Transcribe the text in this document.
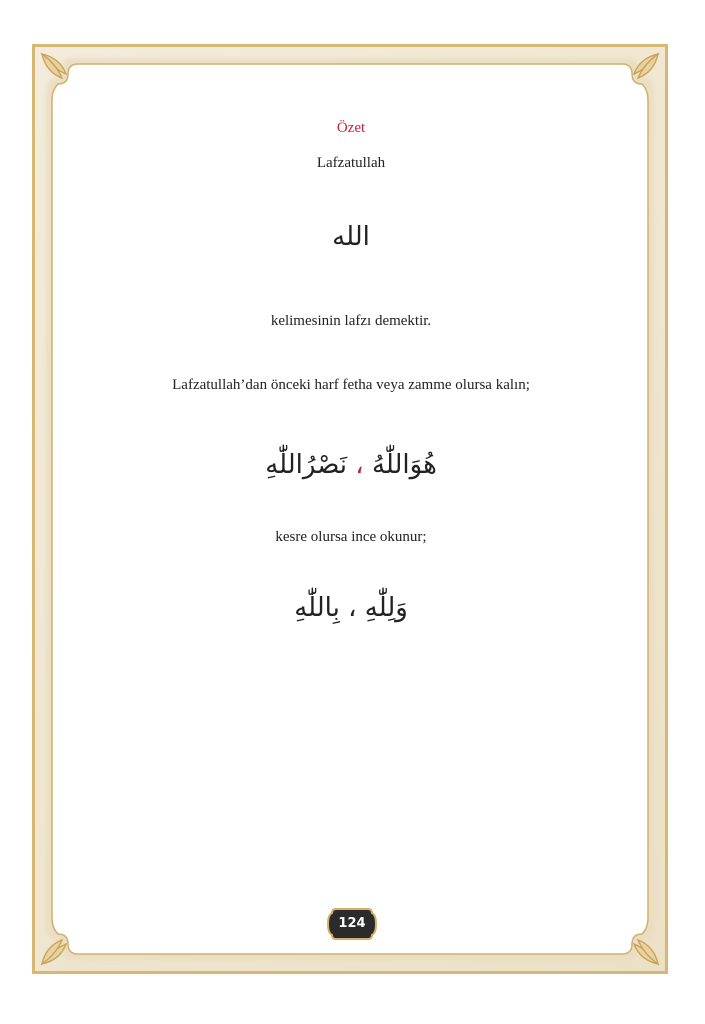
Özet
Lafzatullah
الله
kelimesinin lafzı demektir.
Lafzatullah’dan önceki harf fetha veya zamme olursa kalın;
هُوَاللّٰهُ ، نَصْرُاللّٰهِ
kesre olursa ince okunur;
وَلِلّٰهِ ، بِاللّٰهِ
124
